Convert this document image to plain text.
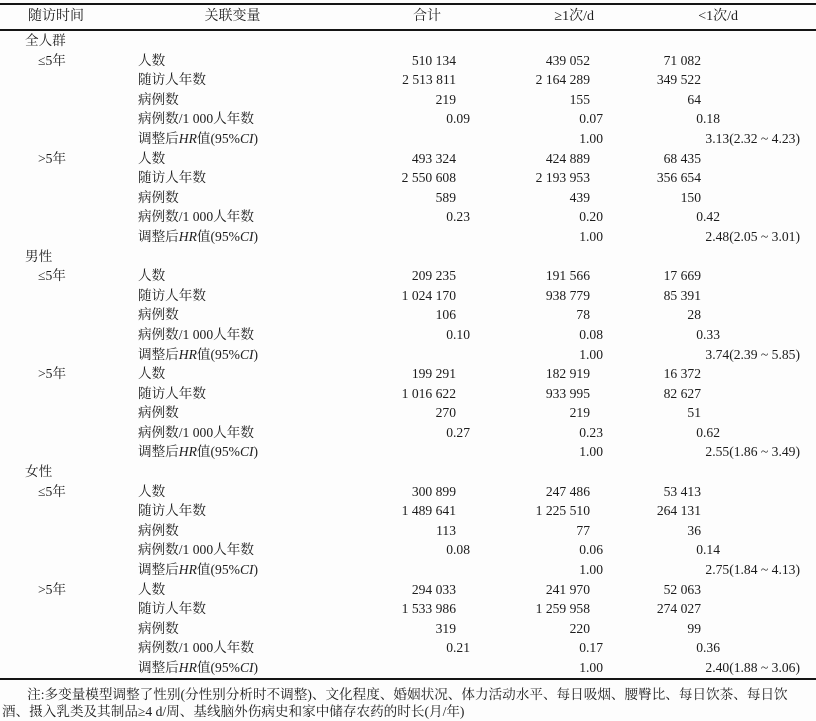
随访时间	关联变量	合计	≥1次/d	<1次/d
全人群				
≤5年	人数	510 134	439 052	71 082
	随访人年数	2 513 811	2 164 289	349 522
	病例数	219	155	64
	病例数/1 000人年数	0.09	0.07	0.18
	调整后HR值(95%CI)		1.00	3.13(2.32 ~ 4.23)
>5年	人数	493 324	424 889	68 435
	随访人年数	2 550 608	2 193 953	356 654
	病例数	589	439	150
	病例数/1 000人年数	0.23	0.20	0.42
	调整后HR值(95%CI)		1.00	2.48(2.05 ~ 3.01)
男性				
≤5年	人数	209 235	191 566	17 669
	随访人年数	1 024 170	938 779	85 391
	病例数	106	78	28
	病例数/1 000人年数	0.10	0.08	0.33
	调整后HR值(95%CI)		1.00	3.74(2.39 ~ 5.85)
>5年	人数	199 291	182 919	16 372
	随访人年数	1 016 622	933 995	82 627
	病例数	270	219	51
	病例数/1 000人年数	0.27	0.23	0.62
	调整后HR值(95%CI)		1.00	2.55(1.86 ~ 3.49)
女性				
≤5年	人数	300 899	247 486	53 413
	随访人年数	1 489 641	1 225 510	264 131
	病例数	113	77	36
	病例数/1 000人年数	0.08	0.06	0.14
	调整后HR值(95%CI)		1.00	2.75(1.84 ~ 4.13)
>5年	人数	294 033	241 970	52 063
	随访人年数	1 533 986	1 259 958	274 027
	病例数	319	220	99
	病例数/1 000人年数	0.21	0.17	0.36
	调整后HR值(95%CI)		1.00	2.40(1.88 ~ 3.06)

注:多变量模型调整了性别(分性别分析时不调整)、文化程度、婚姻状况、体力活动水平、每日吸烟、腰臀比、每日饮茶、每日饮酒、摄入乳类及其制品≥4 d/周、基线脑外伤病史和家中储存农药的时长(月/年)
